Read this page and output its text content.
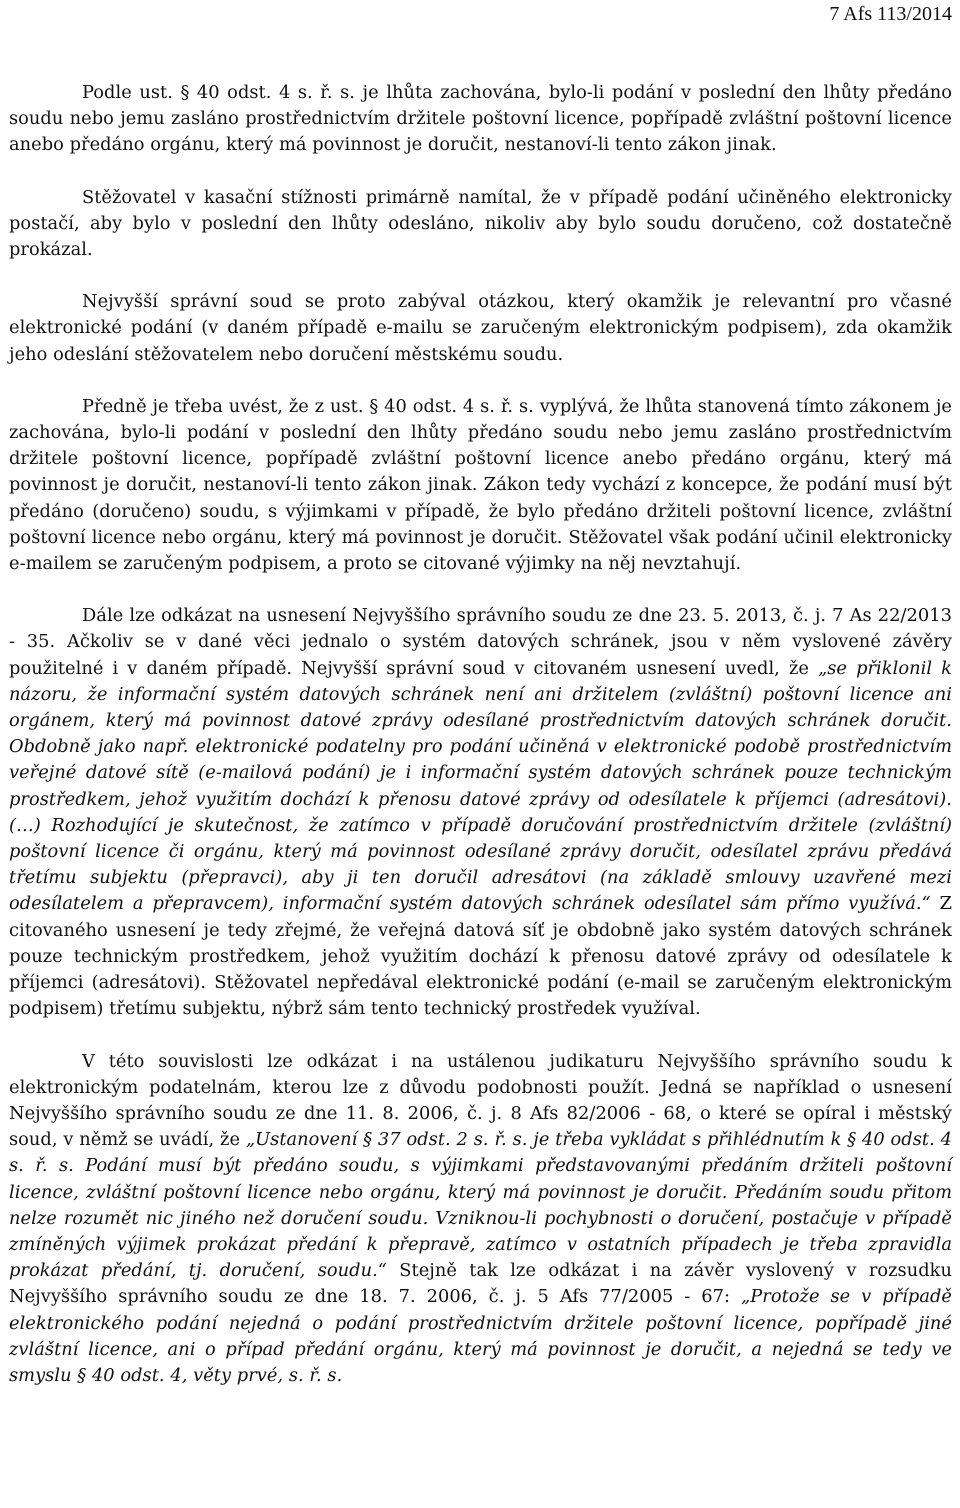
7 Afs 113/2014

Podle ust. § 40 odst. 4 s. ř. s. je lhůta zachována, bylo-li podání v poslední den lhůty předáno soudu nebo jemu zasláno prostřednictvím držitele poštovní licence, popřípadě zvláštní poštovní licence anebo předáno orgánu, který má povinnost je doručit, nestanoví-li tento zákon jinak.

Stěžovatel v kasační stížnosti primárně namítal, že v případě podání učiněného elektronicky postačí, aby bylo v poslední den lhůty odesláno, nikoliv aby bylo soudu doručeno, což dostatečně prokázal.

Nejvyšší správní soud se proto zabýval otázkou, který okamžik je relevantní pro včasné elektronické podání (v daném případě e-mailu se zaručeným elektronickým podpisem), zda okamžik jeho odeslání stěžovatelem nebo doručení městskému soudu.

Předně je třeba uvést, že z ust. § 40 odst. 4 s. ř. s. vyplývá, že lhůta stanovená tímto zákonem je zachována, bylo-li podání v poslední den lhůty předáno soudu nebo jemu zasláno prostřednictvím držitele poštovní licence, popřípadě zvláštní poštovní licence anebo předáno orgánu, který má povinnost je doručit, nestanoví-li tento zákon jinak. Zákon tedy vychází z koncepce, že podání musí být předáno (doručeno) soudu, s výjimkami v případě, že bylo předáno držiteli poštovní licence, zvláštní poštovní licence nebo orgánu, který má povinnost je doručit. Stěžovatel však podání učinil elektronicky e-mailem se zaručeným podpisem, a proto se citované výjimky na něj nevztahují.

Dále lze odkázat na usnesení Nejvyššího správního soudu ze dne 23. 5. 2013, č. j. 7 As 22/2013 - 35. Ačkoliv se v dané věci jednalo o systém datových schránek, jsou v něm vyslovené závěry použitelné i v daném případě. Nejvyšší správní soud v citovaném usnesení uvedl, že „se přiklonil k názoru, že informační systém datových schránek není ani držitelem (zvláštní) poštovní licence ani orgánem, který má povinnost datové zprávy odesílané prostřednictvím datových schránek doručit. Obdobně jako např. elektronické podatelny pro podání učiněná v elektronické podobě prostřednictvím veřejné datové sítě (e-mailová podání) je i informační systém datových schránek pouze technickým prostředkem, jehož využitím dochází k přenosu datové zprávy od odesílatele k příjemci (adresátovi). (…) Rozhodující je skutečnost, že zatímco v případě doručování prostřednictvím držitele (zvláštní) poštovní licence či orgánu, který má povinnost odesílané zprávy doručit, odesílatel zprávu předává třetímu subjektu (přepravci), aby ji ten doručil adresátovi (na základě smlouvy uzavřené mezi odesílatelem a přepravcem), informační systém datových schránek odesílatel sám přímo využívá.“ Z citovaného usnesení je tedy zřejmé, že veřejná datová síť je obdobně jako systém datových schránek pouze technickým prostředkem, jehož využitím dochází k přenosu datové zprávy od odesílatele k příjemci (adresátovi). Stěžovatel nepředával elektronické podání (e-mail se zaručeným elektronickým podpisem) třetímu subjektu, nýbrž sám tento technický prostředek využíval.

V této souvislosti lze odkázat i na ustálenou judikaturu Nejvyššího správního soudu k elektronickým podatelnám, kterou lze z důvodu podobnosti použít. Jedná se například o usnesení Nejvyššího správního soudu ze dne 11. 8. 2006, č. j. 8 Afs 82/2006 - 68, o které se opíral i městský soud, v němž se uvádí, že „Ustanovení § 37 odst. 2 s. ř. s. je třeba vykládat s přihlédnutím k § 40 odst. 4 s. ř. s. Podání musí být předáno soudu, s výjimkami představovanými předáním držiteli poštovní licence, zvláštní poštovní licence nebo orgánu, který má povinnost je doručit. Předáním soudu přitom nelze rozumět nic jiného než doručení soudu. Vzniknou-li pochybnosti o doručení, postačuje v případě zmíněných výjimek prokázat předání k přepravě, zatímco v ostatních případech je třeba zpravidla prokázat předání, tj. doručení, soudu.“ Stejně tak lze odkázat i na závěr vyslovený v rozsudku Nejvyššího správního soudu ze dne 18. 7. 2006, č. j. 5 Afs 77/2005 - 67: „Protože se v případě elektronického podání nejedná o podání prostřednictvím držitele poštovní licence, popřípadě jiné zvláštní licence, ani o případ předání orgánu, který má povinnost je doručit, a nejedná se tedy ve smyslu § 40 odst. 4, věty prvé, s. ř. s.
